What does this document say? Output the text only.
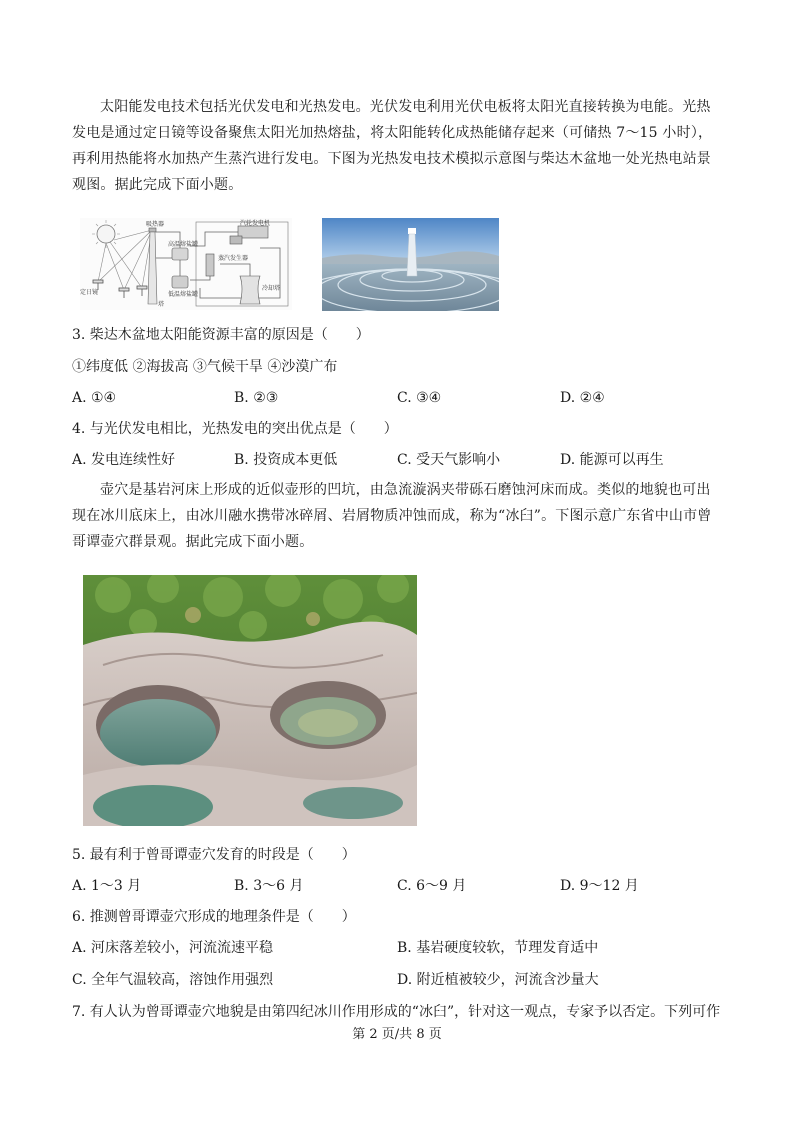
太阳能发电技术包括光伏发电和光热发电。光伏发电利用光伏电板将太阳光直接转换为电能。光热发电是通过定日镜等设备聚焦太阳光加热熔盐，将太阳能转化成热能储存起来（可储热 7～15 小时），再利用热能将水加热产生蒸汽进行发电。下图为光热发电技术模拟示意图与柴达木盆地一处光热电站景观图。据此完成下面小题。

吸热器
塔
定日镜
高温熔盐罐
低温熔盐罐
汽轮发电机
蒸汽发生器
冷却塔
3. 柴达木盆地太阳能资源丰富的原因是（　　）
①纬度低 ②海拔高 ③气候干旱 ④沙漠广布
A. ①④	B. ②③	C. ③④	D. ②④
4. 与光伏发电相比，光热发电的突出优点是（　　）
A. 发电连续性好	B. 投资成本更低	C. 受天气影响小	D. 能源可以再生

壶穴是基岩河床上形成的近似壶形的凹坑，由急流漩涡夹带砾石磨蚀河床而成。类似的地貌也可出现在冰川底床上，由冰川融水携带冰碎屑、岩屑物质冲蚀而成，称为“冰臼”。下图示意广东省中山市曾哥谭壶穴群景观。据此完成下面小题。

5. 最有利于曾哥谭壶穴发育的时段是（　　）
A. 1～3 月	B. 3～6 月	C. 6～9 月	D. 9～12 月
6. 推测曾哥谭壶穴形成的地理条件是（　　）
A. 河床落差较小，河流流速平稳	B. 基岩硬度较软，节理发育适中
C. 全年气温较高，溶蚀作用强烈	D. 附近植被较少，河流含沙量大
7. 有人认为曾哥谭壶穴地貌是由第四纪冰川作用形成的“冰臼”，针对这一观点，专家予以否定。下列可作
第 2 页/共 8 页
